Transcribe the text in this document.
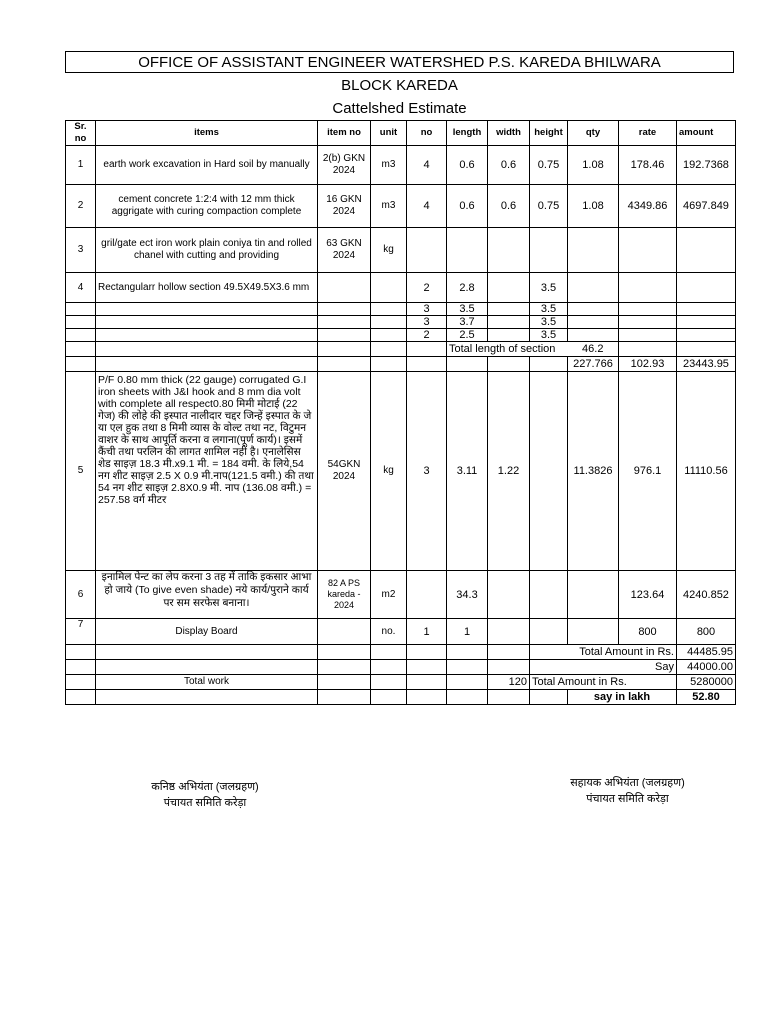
OFFICE OF ASSISTANT ENGINEER WATERSHED P.S. KAREDA BHILWARA
BLOCK KAREDA
Cattelshed Estimate
Sr. no	items	item no	unit	no	length	width	height	qty	rate	amount
1	earth work excavation in Hard soil by manually	2(b) GKN 2024	m3	4	0.6	0.6	0.75	1.08	178.46	192.7368
2	cement concrete 1:2:4 with 12 mm thick aggrigate with curing compaction complete	16 GKN 2024	m3	4	0.6	0.6	0.75	1.08	4349.86	4697.849
3	gril/gate ect iron work plain coniya tin and rolled chanel with cutting and providing	63 GKN 2024	kg							
4	Rectangularr hollow section 49.5X49.5X3.6 mm			2	2.8		3.5			
				3	3.5		3.5			
				3	3.7		3.5			
				2	2.5		3.5			
					Total length of section			46.2		
								227.766	102.93	23443.95
5	P/F 0.80 mm thick (22 gauge) corrugated G.I iron sheets with J&I hook and 8 mm dia volt with complete all respect0.80 मिमी मोटाई (22 गेज) की लोहे की इस्पात नालीदार चद्दर जिन्हें इस्पात के जे या एल हुक तथा 8 मिमी व्यास के वोल्ट तथा नट, विटुमन वाशर के साथ आपूर्ति करना व लगाना(पूर्ण कार्य)। इसमें कैंची तथा परलिन की लागत शामिल नहीं है। एनालेसिस शेड साइज़ 18.3 मी.x9.1 मी. = 184 वमी. के लिये,54 नग शीट साइज़ 2.5 X 0.9 मी.नाप(121.5 वमी.) की तथा 54 नग शीट साइज़ 2.8X0.9 मी. नाप (136.08 वमी.) = 257.58 वर्ग मीटर	54GKN 2024	kg	3	3.11	1.22		11.3826	976.1	11110.56
6	इनामिल पेन्ट का लेप करना 3 तह में ताकि इकसार आभा हो जाये (To give even shade) नये कार्य/पुराने कार्य पर सम सरफेस बनाना।	82 A PS kareda - 2024	m2		34.3				123.64	4240.852
7	Display Board		no.	1	1				800	800
							Total Amount in Rs.			44485.95
							Say			44000.00
	Total work					120	Total Amount in Rs.			5280000
								say in lakh		52.80
कनिष्ठ अभियंता (जलग्रहण)
पंचायत समिति करेड़ा
सहायक अभियंता (जलग्रहण)
पंचायत समिति करेड़ा
